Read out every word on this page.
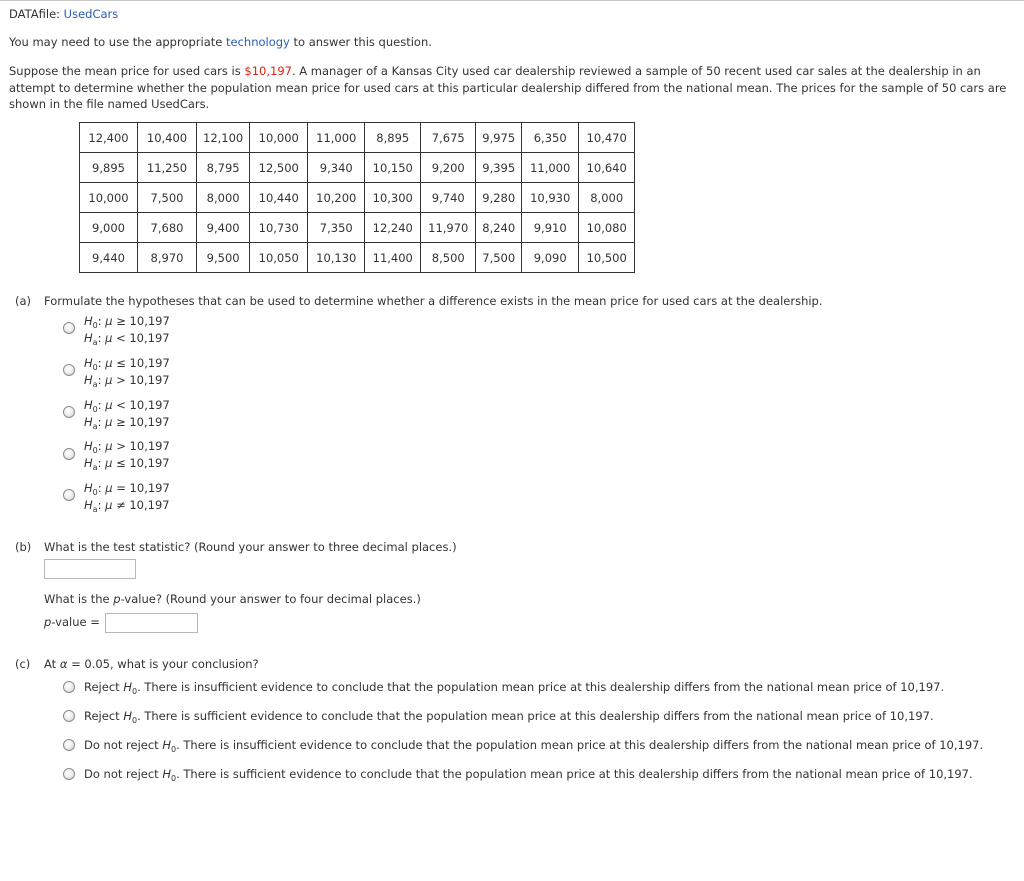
DATAfile: UsedCars
You may need to use the appropriate technology to answer this question.
Suppose the mean price for used cars is $10,197. A manager of a Kansas City used car dealership reviewed a sample of 50 recent used car sales at the dealership in an attempt to determine whether the population mean price for used cars at this particular dealership differed from the national mean. The prices for the sample of 50 cars are shown in the file named UsedCars.
12,400	10,400	12,100	10,000	11,000	8,895	7,675	9,975	6,350	10,470
9,895	11,250	8,795	12,500	9,340	10,150	9,200	9,395	11,000	10,640
10,000	7,500	8,000	10,440	10,200	10,300	9,740	9,280	10,930	8,000
9,000	7,680	9,400	10,730	7,350	12,240	11,970	8,240	9,910	10,080
9,440	8,970	9,500	10,050	10,130	11,400	8,500	7,500	9,090	10,500
(a) Formulate the hypotheses that can be used to determine whether a difference exists in the mean price for used cars at the dealership.
$H_0$: μ ≥ 10,197
$H_a$: μ < 10,197
$H_0$: μ ≤ 10,197
$H_a$: μ > 10,197
$H_0$: μ < 10,197
$H_a$: μ ≥ 10,197
$H_0$: μ > 10,197
$H_a$: μ ≤ 10,197
$H_0$: μ = 10,197
$H_a$: μ ≠ 10,197
(b) What is the test statistic? (Round your answer to three decimal places.)
What is the p-value? (Round your answer to four decimal places.)
p-value =
(c) At α = 0.05, what is your conclusion?
Reject $H_0$. There is insufficient evidence to conclude that the population mean price at this dealership differs from the national mean price of 10,197.
Reject $H_0$. There is sufficient evidence to conclude that the population mean price at this dealership differs from the national mean price of 10,197.
Do not reject $H_0$. There is insufficient evidence to conclude that the population mean price at this dealership differs from the national mean price of 10,197.
Do not reject $H_0$. There is sufficient evidence to conclude that the population mean price at this dealership differs from the national mean price of 10,197.
